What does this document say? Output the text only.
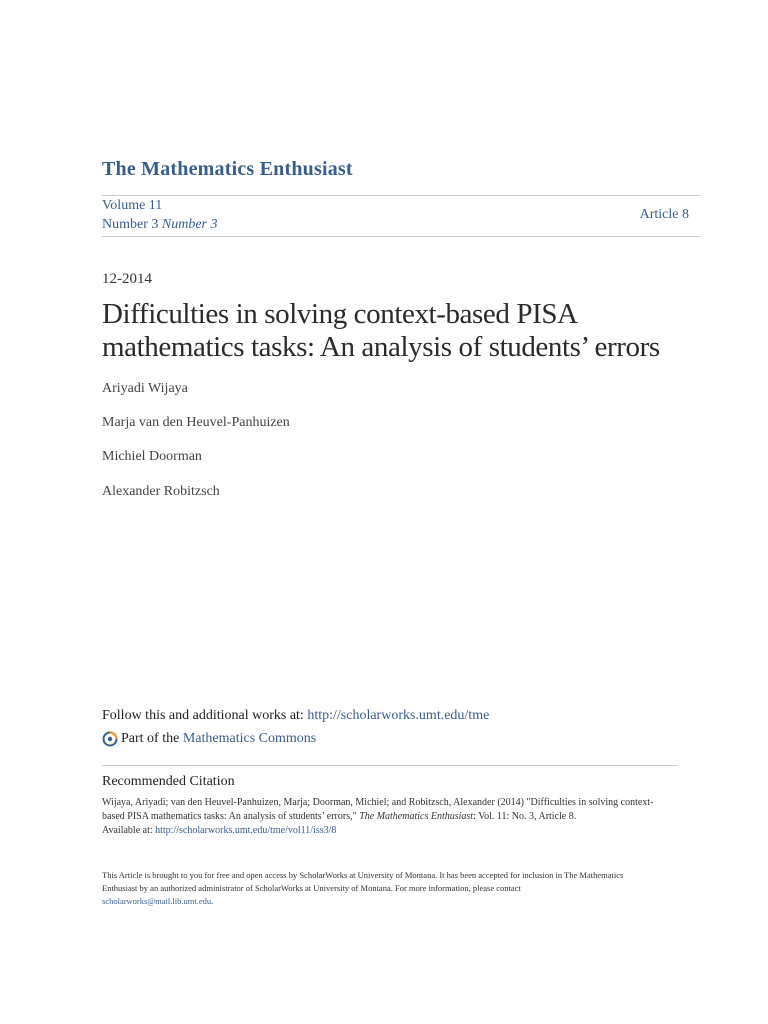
The Mathematics Enthusiast
Volume 11
Number 3 Number 3
Article 8
12-2014
Difficulties in solving context-based PISA mathematics tasks: An analysis of students’ errors
Ariyadi Wijaya
Marja van den Heuvel-Panhuizen
Michiel Doorman
Alexander Robitzsch
Follow this and additional works at: http://scholarworks.umt.edu/tme
Part of the
Mathematics Commons
Recommended Citation
Wijaya, Ariyadi; van den Heuvel-Panhuizen, Marja; Doorman, Michiel; and Robitzsch, Alexander (2014) "Difficulties in solving context-based PISA mathematics tasks: An analysis of students’ errors," The Mathematics Enthusiast: Vol. 11: No. 3, Article 8.
Available at: http://scholarworks.umt.edu/tme/vol11/iss3/8
This Article is brought to you for free and open access by ScholarWorks at University of Montana. It has been accepted for inclusion in The Mathematics Enthusiast by an authorized administrator of ScholarWorks at University of Montana. For more information, please contact
scholarworks@mail.lib.umt.edu.
